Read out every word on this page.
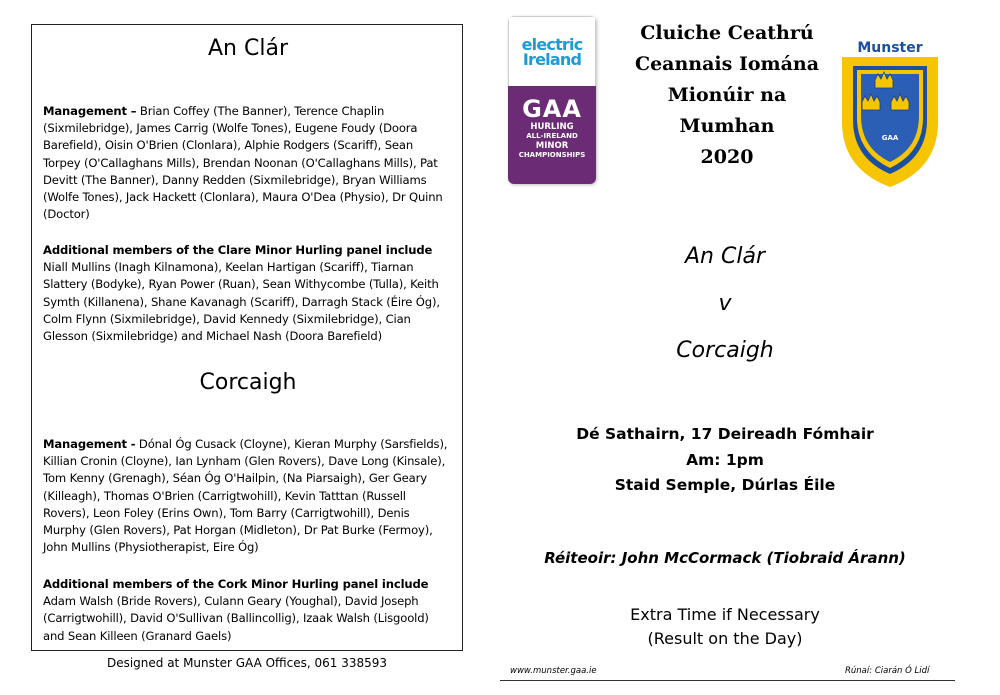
An Clár
Management – Brian Coffey (The Banner), Terence Chaplin (Sixmilebridge), James Carrig (Wolfe Tones), Eugene Foudy (Doora Barefield), Oisin O'Brien (Clonlara), Alphie Rodgers (Scariff), Sean Torpey (O'Callaghans Mills), Brendan Noonan (O'Callaghans Mills), Pat Devitt (The Banner), Danny Redden (Sixmilebridge), Bryan Williams (Wolfe Tones), Jack Hackett (Clonlara), Maura O'Dea (Physio), Dr Quinn (Doctor)
Additional members of the Clare Minor Hurling panel include
Niall Mullins (Inagh Kilnamona), Keelan Hartigan (Scariff), Tiarnan Slattery (Bodyke), Ryan Power (Ruan), Sean Withycombe (Tulla), Keith Symth (Killanena), Shane Kavanagh (Scariff), Darragh Stack (Éire Óg), Colm Flynn (Sixmilebridge), David Kennedy (Sixmilebridge), Cian Glesson (Sixmilebridge) and Michael Nash (Doora Barefield)
Corcaigh
Management - Dónal Óg Cusack (Cloyne), Kieran Murphy (Sarsfields), Killian Cronin (Cloyne), Ian Lynham (Glen Rovers), Dave Long (Kinsale), Tom Kenny (Grenagh), Séan Óg O'Hailpin, (Na Piarsaigh), Ger Geary (Killeagh), Thomas O'Brien (Carrigtwohill), Kevin Tatttan (Russell Rovers), Leon Foley (Erins Own), Tom Barry (Carrigtwohill), Denis Murphy (Glen Rovers), Pat Horgan (Midleton), Dr Pat Burke (Fermoy), John Mullins (Physiotherapist, Eire Óg)
Additional members of the Cork Minor Hurling panel include Adam Walsh (Bride Rovers), Culann Geary (Youghal), David Joseph (Carrigtwohill), David O'Sullivan (Ballincollig), Izaak Walsh (Lisgoold) and Sean Killeen (Granard Gaels)
Designed at Munster GAA Offices, 061 338593
electric
Ireland
GAA
HURLING
ALL-IRELAND
MINOR
CHAMPIONSHIPS
Cluiche Ceathrú
Ceannais Iomána
Mionúir na
Mumhan
2020
Munster
GAA
An Clár
v
Corcaigh
Dé Sathairn, 17 Deireadh Fómhair
Am: 1pm
Staid Semple, Dúrlas Éile
Réiteoir: John McCormack (Tiobraid Árann)
Extra Time if Necessary
(Result on the Day)
www.munster.gaa.ie	Rúnaí: Ciarán Ó Lidí
